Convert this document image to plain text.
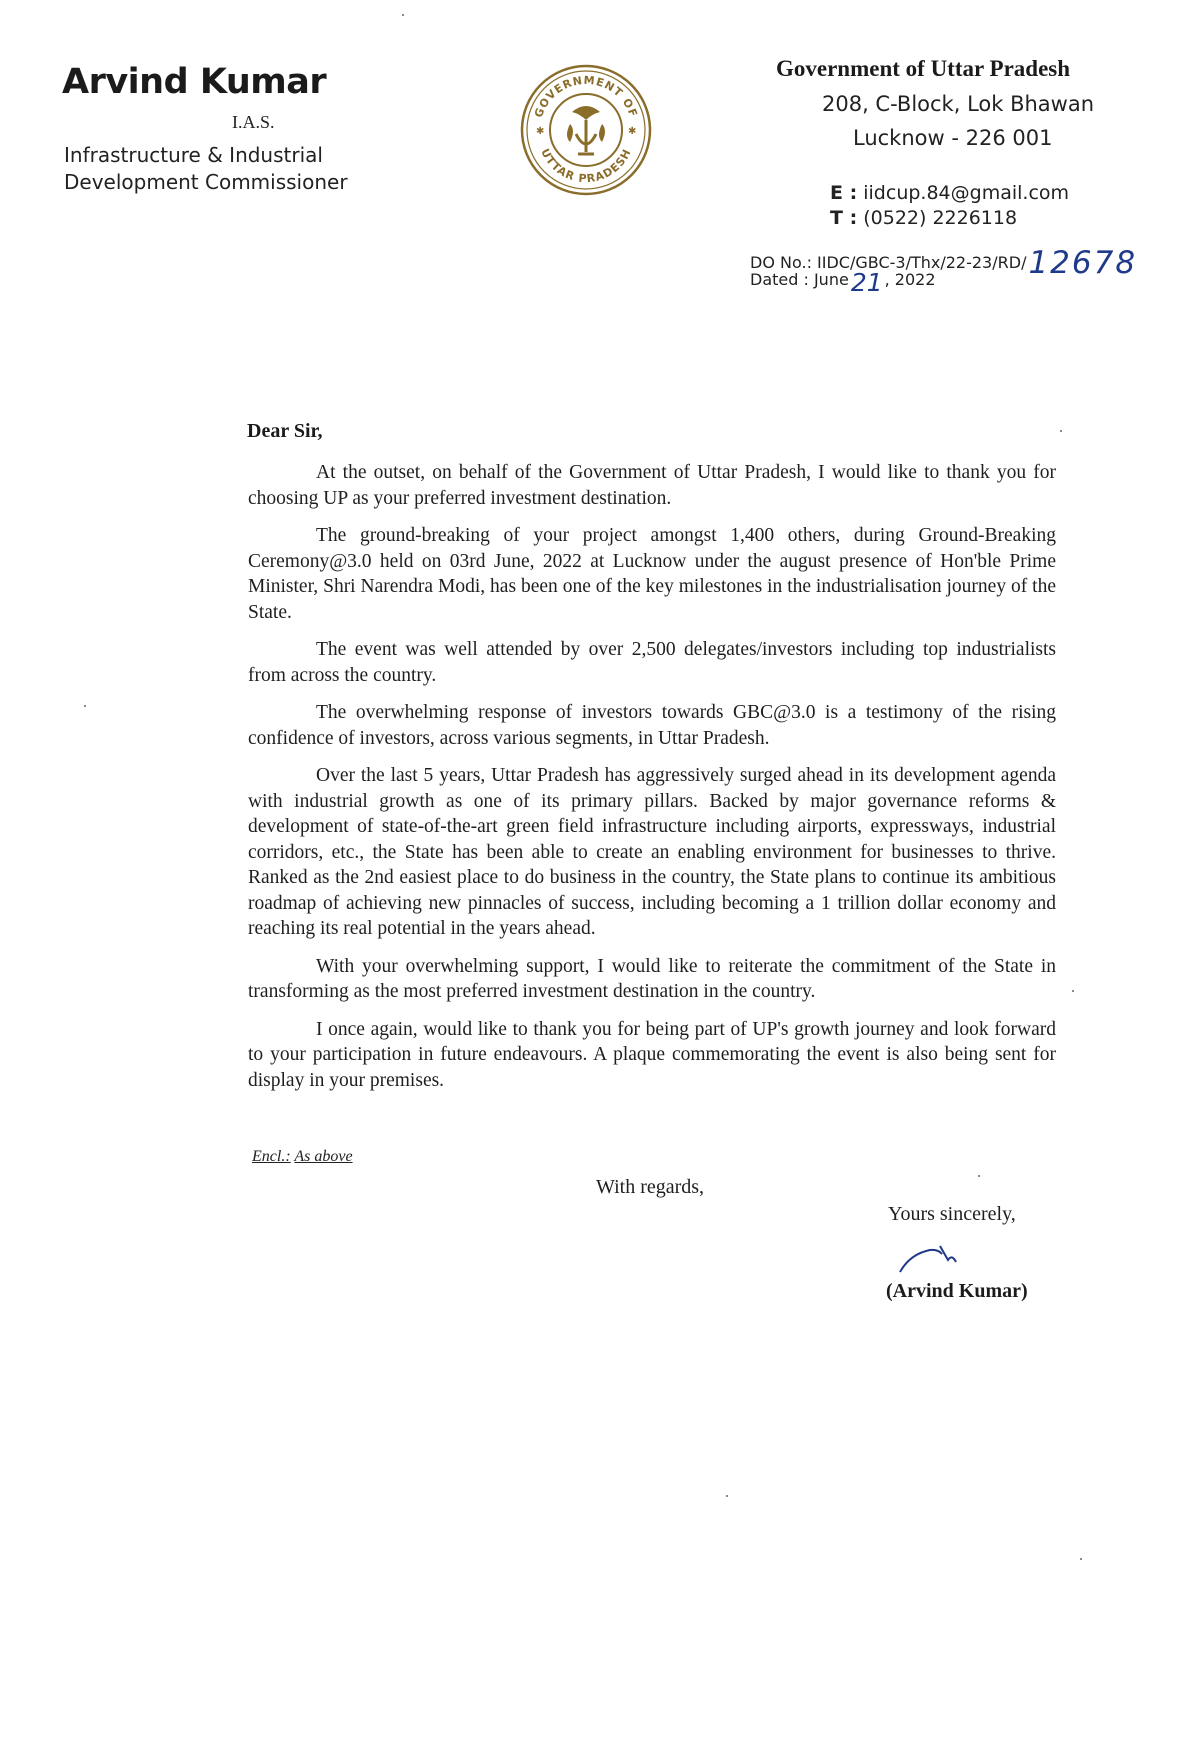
Arvind Kumar
I.A.S.
Infrastructure & Industrial Development Commissioner
GOVERNMENT OF
UTTAR PRADESH
✱	✱
Government of Uttar Pradesh
208, C-Block, Lok Bhawan
Lucknow - 226 001
E : iidcup.84@gmail.com
T : (0522) 2226118
DO No.: IIDC/GBC-3/Thx/22-23/RD/12678
Dated : June21 , 2022
Dear Sir,

At the outset, on behalf of the Government of Uttar Pradesh, I would like to thank you for choosing UP as your preferred investment destination.

The ground-breaking of your project amongst 1,400 others, during Ground-Breaking Ceremony@3.0 held on 03rd June, 2022 at Lucknow under the august presence of Hon'ble Prime Minister, Shri Narendra Modi, has been one of the key milestones in the industrialisation journey of the State.

The event was well attended by over 2,500 delegates/investors including top industrialists from across the country.

The overwhelming response of investors towards GBC@3.0 is a testimony of the rising confidence of investors, across various segments, in Uttar Pradesh.

Over the last 5 years, Uttar Pradesh has aggressively surged ahead in its development agenda with industrial growth as one of its primary pillars. Backed by major governance reforms & development of state-of-the-art green field infrastructure including airports, expressways, industrial corridors, etc., the State has been able to create an enabling environment for businesses to thrive. Ranked as the 2nd easiest place to do business in the country, the State plans to continue its ambitious roadmap of achieving new pinnacles of success, including becoming a 1 trillion dollar economy and reaching its real potential in the years ahead.

With your overwhelming support, I would like to reiterate the commitment of the State in transforming as the most preferred investment destination in the country.

I once again, would like to thank you for being part of UP's growth journey and look forward to your participation in future endeavours. A plaque commemorating the event is also being sent for display in your premises.

Encl.: As above
With regards,
Yours sincerely,
(Arvind Kumar)
